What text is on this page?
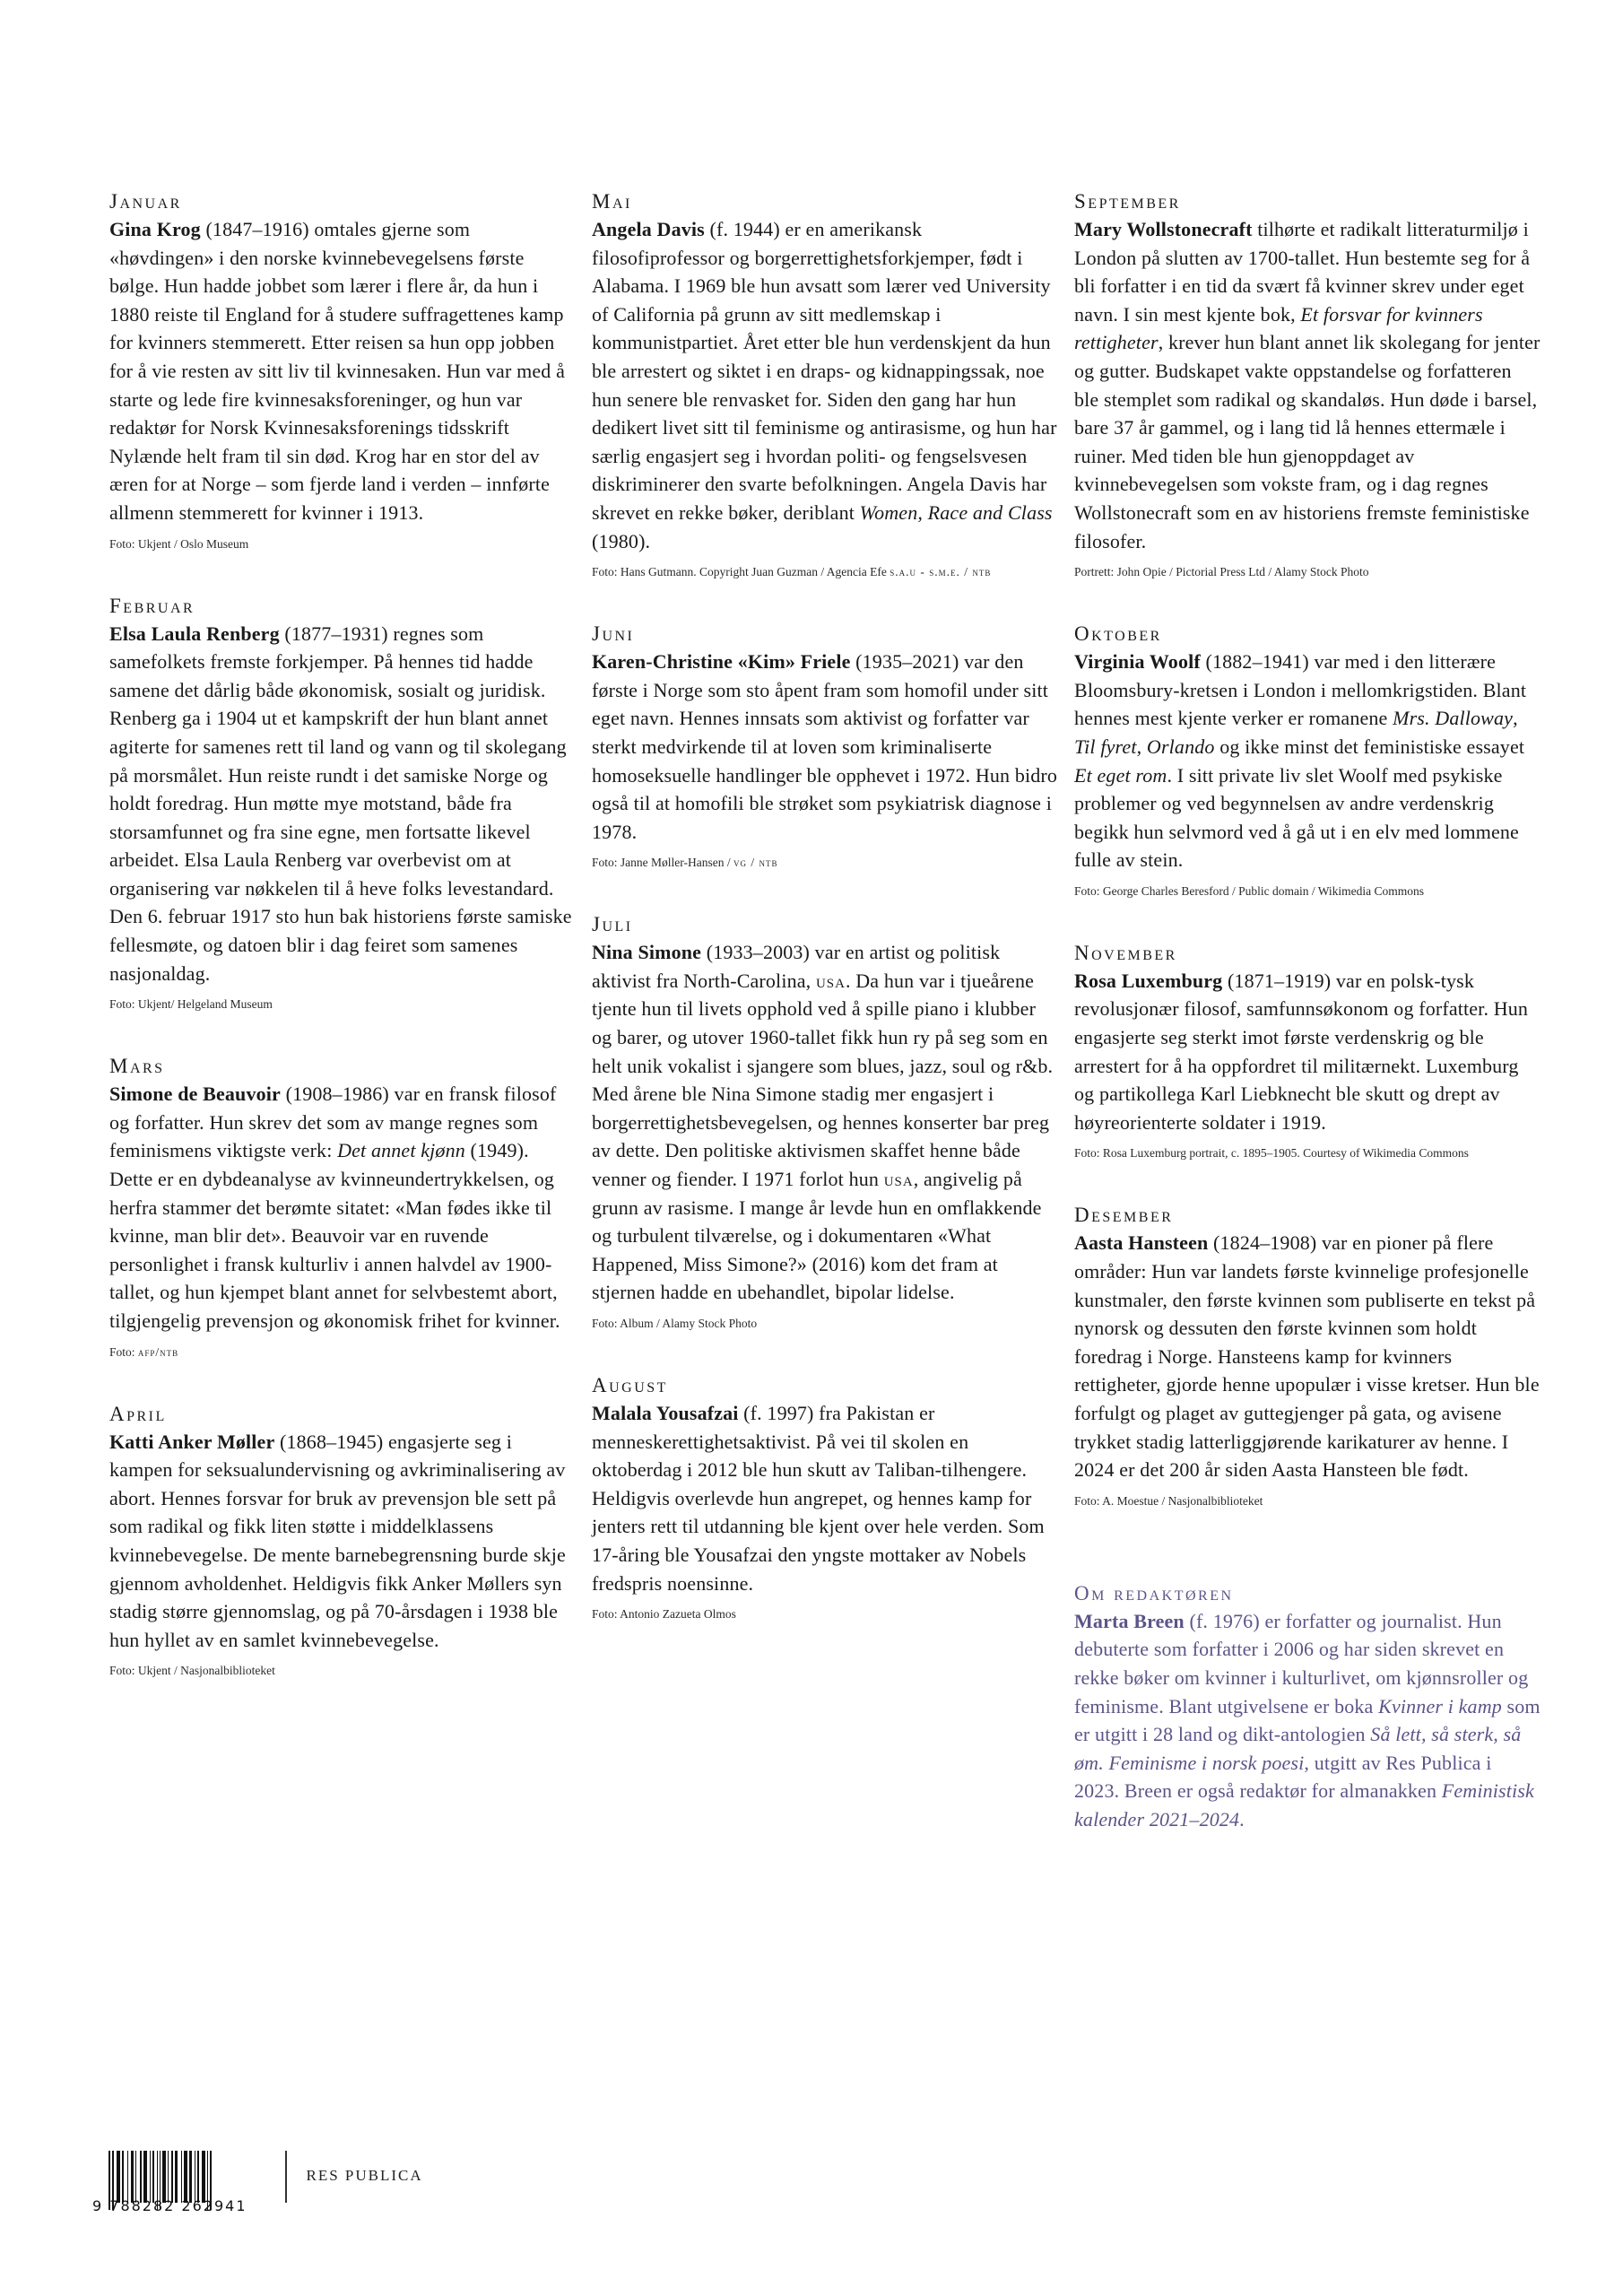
Januar

Gina Krog (1847–1916) omtales gjerne som «høvdingen» i den norske kvinnebevegelsens første bølge. Hun hadde jobbet som lærer i flere år, da hun i 1880 reiste til England for å studere suffragettenes kamp for kvinners stemmerett. Etter reisen sa hun opp jobben for å vie resten av sitt liv til kvinnesaken. Hun var med å starte og lede fire kvinnesaksforeninger, og hun var redaktør for Norsk Kvinnesaksforenings tidsskrift Nylænde helt fram til sin død. Krog har en stor del av æren for at Norge – som fjerde land i verden – innførte allmenn stemmerett for kvinner i 1913.

Foto: Ukjent / Oslo Museum
Februar

Elsa Laula Renberg (1877–1931) regnes som samefolkets fremste forkjemper. På hennes tid hadde samene det dårlig både økonomisk, sosialt og juridisk. Renberg ga i 1904 ut et kampskrift der hun blant annet agiterte for samenes rett til land og vann og til skolegang på morsmålet. Hun reiste rundt i det samiske Norge og holdt foredrag. Hun møtte mye motstand, både fra storsamfunnet og fra sine egne, men fortsatte likevel arbeidet. Elsa Laula Renberg var overbevist om at organisering var nøkkelen til å heve folks levestandard. Den 6. februar 1917 sto hun bak historiens første samiske fellesmøte, og datoen blir i dag feiret som samenes nasjonaldag.

Foto: Ukjent/ Helgeland Museum
Mars

Simone de Beauvoir (1908–1986) var en fransk filosof og forfatter. Hun skrev det som av mange regnes som feminismens viktigste verk: Det annet kjønn (1949). Dette er en dybdeanalyse av kvinneundertrykkelsen, og herfra stammer det berømte sitatet: «Man fødes ikke til kvinne, man blir det». Beauvoir var en ruvende personlighet i fransk kulturliv i annen halvdel av 1900-tallet, og hun kjempet blant annet for selvbestemt abort, tilgjengelig prevensjon og økonomisk frihet for kvinner.

Foto: afp/ntb
April

Katti Anker Møller (1868–1945) engasjerte seg i kampen for seksualundervisning og avkriminalisering av abort. Hennes forsvar for bruk av prevensjon ble sett på som radikal og fikk liten støtte i middelklassens kvinnebevegelse. De mente barnebegrensning burde skje gjennom avholdenhet. Heldigvis fikk Anker Møllers syn stadig større gjennomslag, og på 70-årsdagen i 1938 ble hun hyllet av en samlet kvinnebevegelse.

Foto: Ukjent / Nasjonalbiblioteket
Mai

Angela Davis (f. 1944) er en amerikansk filosofiprofessor og borgerrettighetsforkjemper, født i Alabama. I 1969 ble hun avsatt som lærer ved University of California på grunn av sitt medlemskap i kommunistpartiet. Året etter ble hun verdenskjent da hun ble arrestert og siktet i en draps- og kidnappingssak, noe hun senere ble renvasket for. Siden den gang har hun dedikert livet sitt til feminisme og antirasisme, og hun har særlig engasjert seg i hvordan politi- og fengselsvesen diskriminerer den svarte befolkningen. Angela Davis har skrevet en rekke bøker, deriblant Women, Race and Class (1980).

Foto: Hans Gutmann. Copyright Juan Guzman / Agencia Efe s.a.u - s.m.e. / ntb
Juni

Karen-Christine «Kim» Friele (1935–2021) var den første i Norge som sto åpent fram som homofil under sitt eget navn. Hennes innsats som aktivist og forfatter var sterkt medvirkende til at loven som kriminaliserte homoseksuelle handlinger ble opphevet i 1972. Hun bidro også til at homofili ble strøket som psykiatrisk diagnose i 1978.

Foto: Janne Møller-Hansen / vg / ntb
Juli

Nina Simone (1933–2003) var en artist og politisk aktivist fra North-Carolina, usa. Da hun var i tjueårene tjente hun til livets opphold ved å spille piano i klubber og barer, og utover 1960-tallet fikk hun ry på seg som en helt unik vokalist i sjangere som blues, jazz, soul og r&b. Med årene ble Nina Simone stadig mer engasjert i borgerrettighetsbevegelsen, og hennes konserter bar preg av dette. Den politiske aktivismen skaffet henne både venner og fiender. I 1971 forlot hun usa, angivelig på grunn av rasisme. I mange år levde hun en omflakkende og turbulent tilværelse, og i dokumentaren «What Happened, Miss Simone?» (2016) kom det fram at stjernen hadde en ubehandlet, bipolar lidelse.

Foto: Album / Alamy Stock Photo
August

Malala Yousafzai (f. 1997) fra Pakistan er menneskerettighetsaktivist. På vei til skolen en oktoberdag i 2012 ble hun skutt av Taliban-tilhengere. Heldigvis overlevde hun angrepet, og hennes kamp for jenters rett til utdanning ble kjent over hele verden. Som 17-åring ble Yousafzai den yngste mottaker av Nobels fredspris noensinne.

Foto: Antonio Zazueta Olmos
September

Mary Wollstonecraft tilhørte et radikalt litteraturmiljø i London på slutten av 1700-tallet. Hun bestemte seg for å bli forfatter i en tid da svært få kvinner skrev under eget navn. I sin mest kjente bok, Et forsvar for kvinners rettigheter, krever hun blant annet lik skolegang for jenter og gutter. Budskapet vakte oppstandelse og forfatteren ble stemplet som radikal og skandaløs. Hun døde i barsel, bare 37 år gammel, og i lang tid lå hennes ettermæle i ruiner. Med tiden ble hun gjenoppdaget av kvinnebevegelsen som vokste fram, og i dag regnes Wollstonecraft som en av historiens fremste feministiske filosofer.

Portrett: John Opie / Pictorial Press Ltd / Alamy Stock Photo
Oktober

Virginia Woolf (1882–1941) var med i den litterære Bloomsbury-kretsen i London i mellomkrigstiden. Blant hennes mest kjente verker er romanene Mrs. Dalloway, Til fyret, Orlando og ikke minst det feministiske essayet Et eget rom. I sitt private liv slet Woolf med psykiske problemer og ved begynnelsen av andre verdenskrig begikk hun selvmord ved å gå ut i en elv med lommene fulle av stein.

Foto: George Charles Beresford / Public domain / Wikimedia Commons
November

Rosa Luxemburg (1871–1919) var en polsk-tysk revolusjonær filosof, samfunnsøkonom og forfatter. Hun engasjerte seg sterkt imot første verdenskrig og ble arrestert for å ha oppfordret til militærnekt. Luxemburg og partikollega Karl Liebknecht ble skutt og drept av høyreorienterte soldater i 1919.

Foto: Rosa Luxemburg portrait, c. 1895–1905. Courtesy of Wikimedia Commons
Desember

Aasta Hansteen (1824–1908) var en pioner på flere områder: Hun var landets første kvinnelige profesjonelle kunstmaler, den første kvinnen som publiserte en tekst på nynorsk og dessuten den første kvinnen som holdt foredrag i Norge. Hansteens kamp for kvinners rettigheter, gjorde henne upopulær i visse kretser. Hun ble forfulgt og plaget av guttegjenger på gata, og avisene trykket stadig latterliggjørende karikaturer av henne. I 2024 er det 200 år siden Aasta Hansteen ble født.

Foto: A. Moestue / Nasjonalbiblioteket
Om redaktøren

Marta Breen (f. 1976) er forfatter og journalist. Hun debuterte som forfatter i 2006 og har siden skrevet en rekke bøker om kvinner i kulturlivet, om kjønnsroller og feminisme. Blant utgivelsene er boka Kvinner i kamp som er utgitt i 28 land og dikt-antologien Så lett, så sterk, så øm. Feminisme i norsk poesi, utgitt av Res Publica i 2023. Breen er også redaktør for almanakken Feministisk kalender 2021–2024.

9 788282 262941
RES PUBLICA
